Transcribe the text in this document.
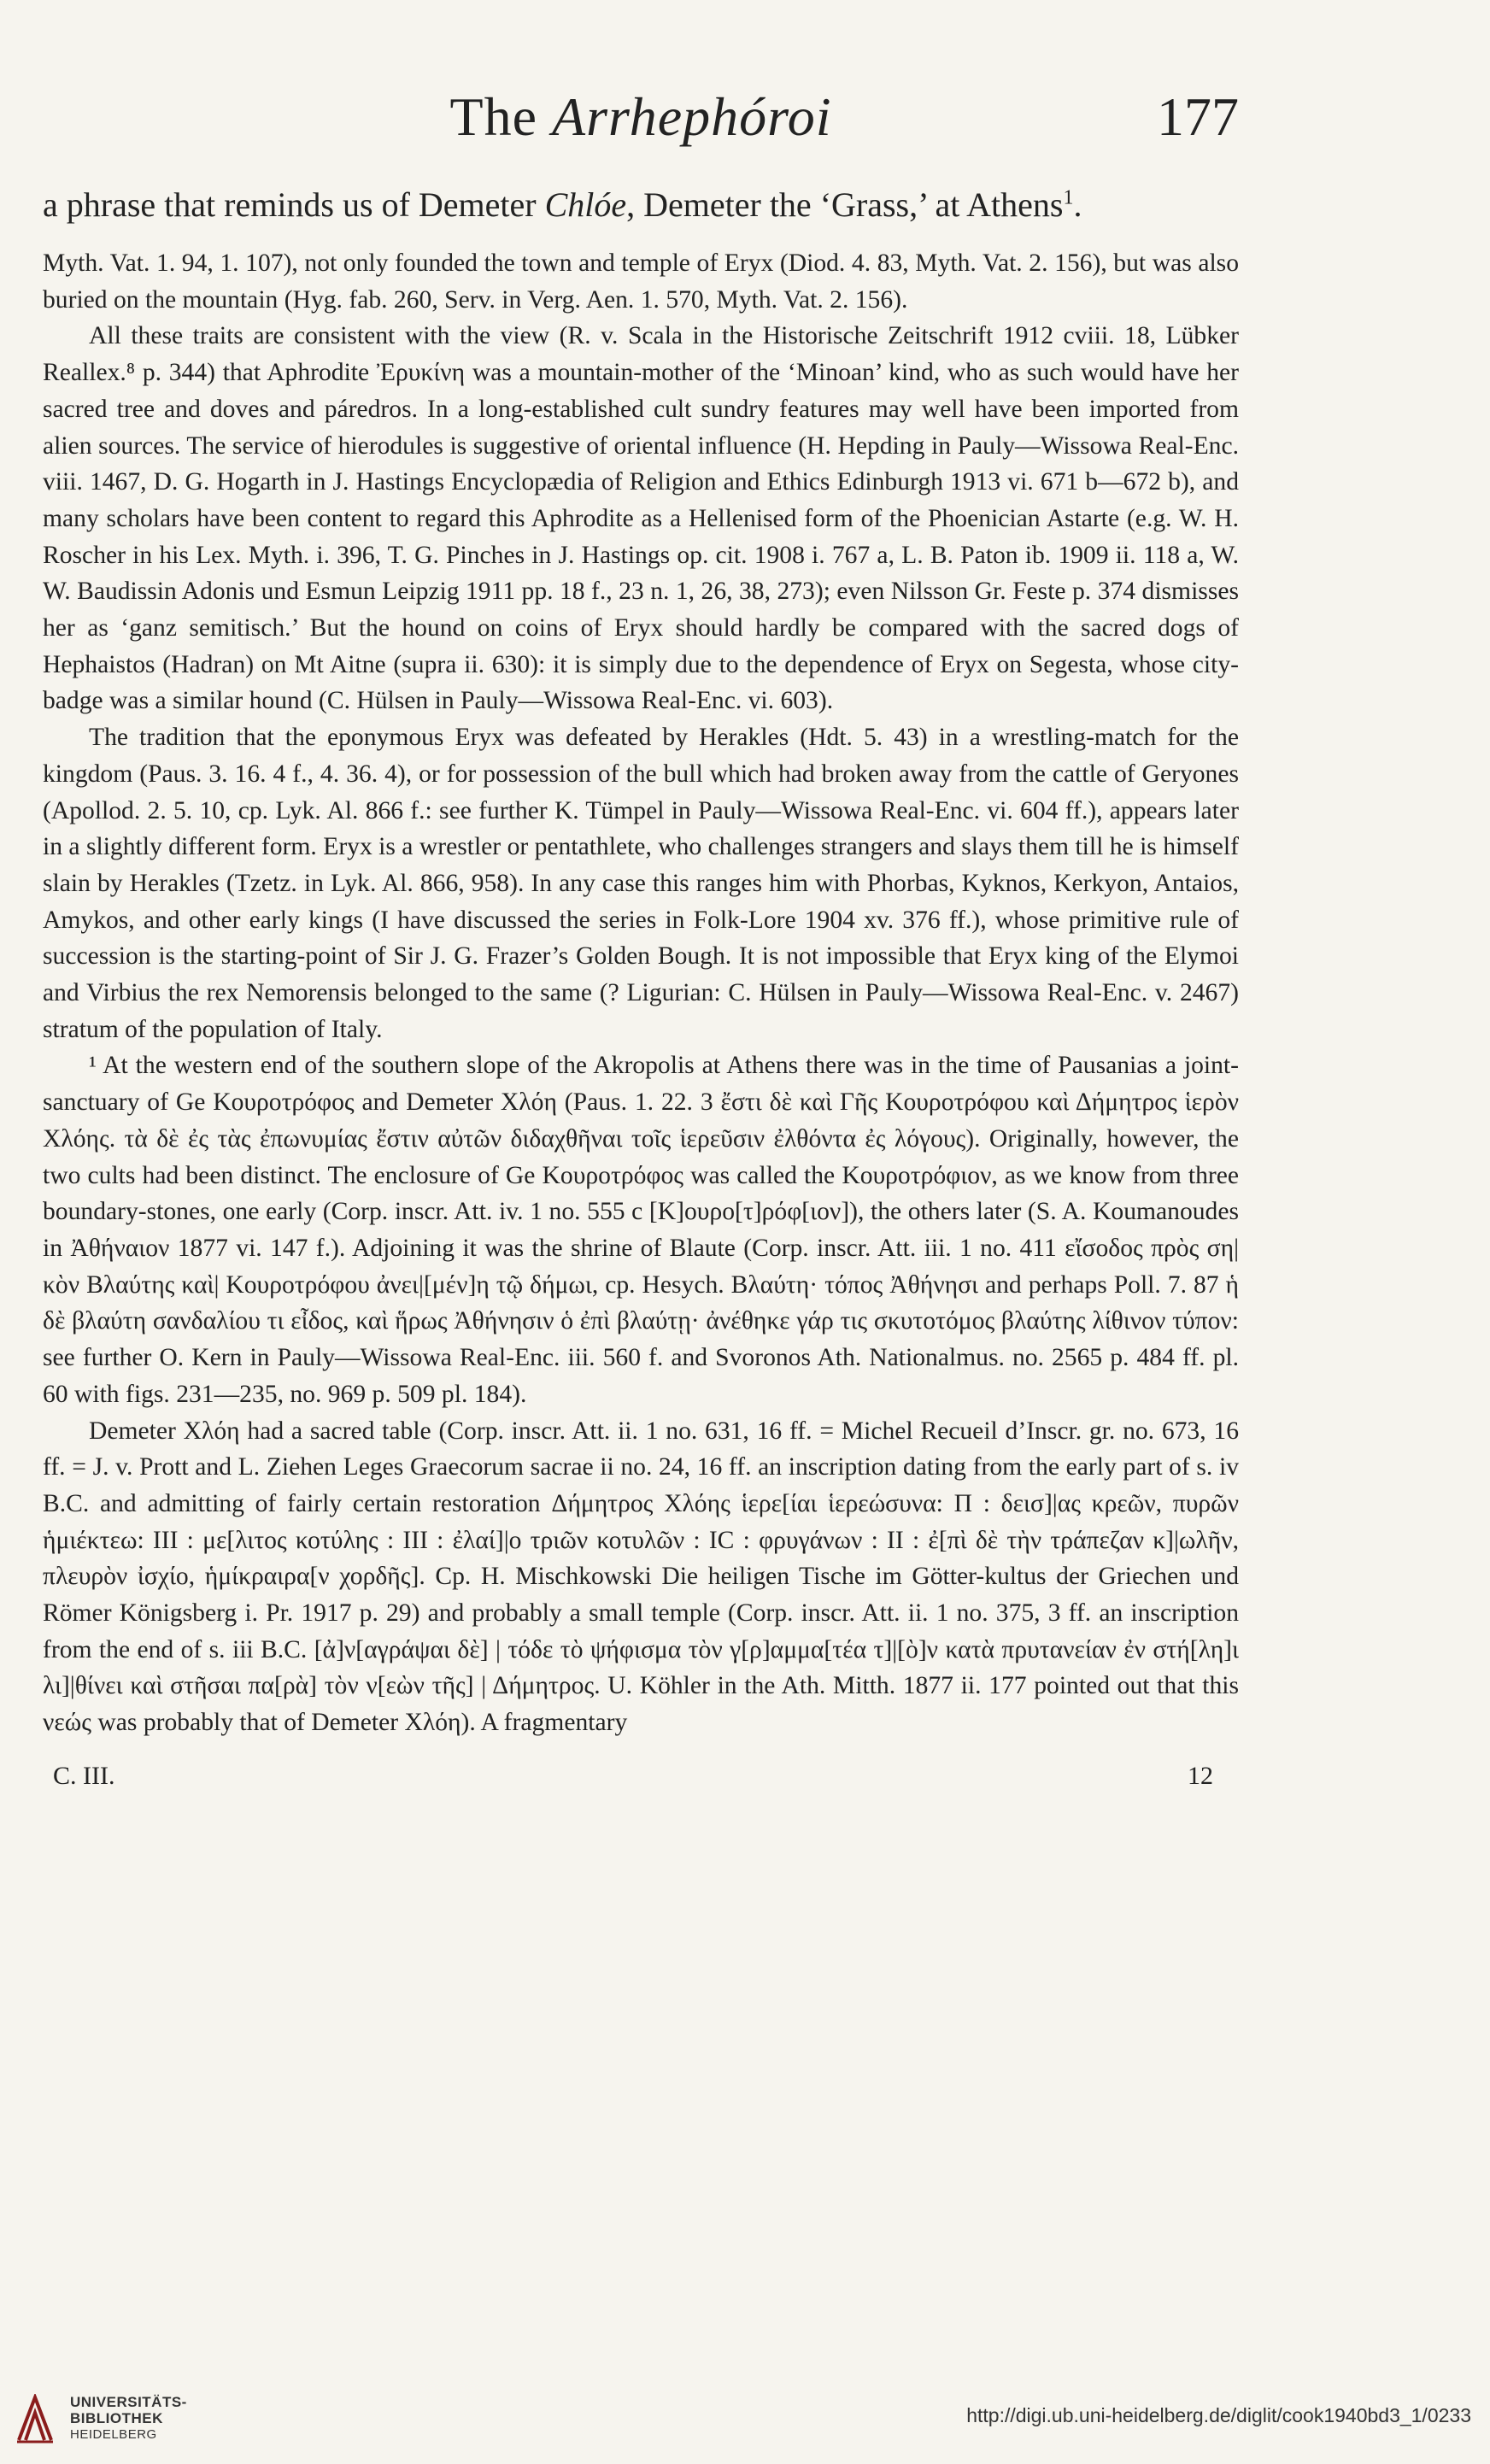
The Arrhephóroi	177
a phrase that reminds us of Demeter Chlóe, Demeter the ‘Grass,’ at Athens$^1$.

Myth. Vat. 1. 94, 1. 107), not only founded the town and temple of Eryx (Diod. 4. 83, Myth. Vat. 2. 156), but was also buried on the mountain (Hyg. fab. 260, Serv. in Verg. Aen. 1. 570, Myth. Vat. 2. 156).

All these traits are consistent with the view (R. v. Scala in the Historische Zeitschrift 1912 cviii. 18, Lübker Reallex.⁸ p. 344) that Aphrodite Ἐρυκίνη was a mountain-mother of the ‘Minoan’ kind, who as such would have her sacred tree and doves and páredros. In a long-established cult sundry features may well have been imported from alien sources. The service of hierodules is suggestive of oriental influence (H. Hepding in Pauly—Wissowa Real-Enc. viii. 1467, D. G. Hogarth in J. Hastings Encyclopædia of Religion and Ethics Edinburgh 1913 vi. 671 b—672 b), and many scholars have been content to regard this Aphrodite as a Hellenised form of the Phoenician Astarte (e.g. W. H. Roscher in his Lex. Myth. i. 396, T. G. Pinches in J. Hastings op. cit. 1908 i. 767 a, L. B. Paton ib. 1909 ii. 118 a, W. W. Baudissin Adonis und Esmun Leipzig 1911 pp. 18 f., 23 n. 1, 26, 38, 273); even Nilsson Gr. Feste p. 374 dismisses her as ‘ganz semitisch.’ But the hound on coins of Eryx should hardly be compared with the sacred dogs of Hephaistos (Hadran) on Mt Aitne (supra ii. 630): it is simply due to the dependence of Eryx on Segesta, whose city-badge was a similar hound (C. Hülsen in Pauly—Wissowa Real-Enc. vi. 603).

The tradition that the eponymous Eryx was defeated by Herakles (Hdt. 5. 43) in a wrestling-match for the kingdom (Paus. 3. 16. 4 f., 4. 36. 4), or for possession of the bull which had broken away from the cattle of Geryones (Apollod. 2. 5. 10, cp. Lyk. Al. 866 f.: see further K. Tümpel in Pauly—Wissowa Real-Enc. vi. 604 ff.), appears later in a slightly different form. Eryx is a wrestler or pentathlete, who challenges strangers and slays them till he is himself slain by Herakles (Tzetz. in Lyk. Al. 866, 958). In any case this ranges him with Phorbas, Kyknos, Kerkyon, Antaios, Amykos, and other early kings (I have discussed the series in Folk-Lore 1904 xv. 376 ff.), whose primitive rule of succession is the starting-point of Sir J. G. Frazer’s Golden Bough. It is not impossible that Eryx king of the Elymoi and Virbius the rex Nemorensis belonged to the same (? Ligurian: C. Hülsen in Pauly—Wissowa Real-Enc. v. 2467) stratum of the population of Italy.

¹ At the western end of the southern slope of the Akropolis at Athens there was in the time of Pausanias a joint-sanctuary of Ge Κουροτρόφος and Demeter Χλόη (Paus. 1. 22. 3 ἔστι δὲ καὶ Γῆς Κουροτρόφου καὶ Δήμητρος ἱερὸν Χλόης. τὰ δὲ ἐς τὰς ἐπωνυμίας ἔστιν αὐτῶν διδαχθῆναι τοῖς ἱερεῦσιν ἐλθόντα ἐς λόγους). Originally, however, the two cults had been distinct. The enclosure of Ge Κουροτρόφος was called the Κουροτρόφιον, as we know from three boundary-stones, one early (Corp. inscr. Att. iv. 1 no. 555 c [Κ]ουρο[τ]ρόφ[ιον]), the others later (S. A. Koumanoudes in Ἀθήναιον 1877 vi. 147 f.). Adjoining it was the shrine of Blaute (Corp. inscr. Att. iii. 1 no. 411 εἴσοδος πρὸς ση|κὸν Βλαύτης καὶ| Κουροτρόφου ἀνει|[μέν]η τῷ δήμωι, cp. Hesych. Βλαύτη· τόπος Ἀθήνησι and perhaps Poll. 7. 87 ἡ δὲ βλαύτη σανδαλίου τι εἶδος, καὶ ἥρως Ἀθήνησιν ὁ ἐπὶ βλαύτῃ· ἀνέθηκε γάρ τις σκυτοτόμος βλαύτης λίθινον τύπον: see further O. Kern in Pauly—Wissowa Real-Enc. iii. 560 f. and Svoronos Ath. Nationalmus. no. 2565 p. 484 ff. pl. 60 with figs. 231—235, no. 969 p. 509 pl. 184).

Demeter Χλόη had a sacred table (Corp. inscr. Att. ii. 1 no. 631, 16 ff. = Michel Recueil d’Inscr. gr. no. 673, 16 ff. = J. v. Prott and L. Ziehen Leges Graecorum sacrae ii no. 24, 16 ff. an inscription dating from the early part of s. iv B.C. and admitting of fairly certain restoration Δήμητρος Χλόης ἱερε[ίαι ἱερεώσυνα: Π : δεισ]|ας κρεῶν, πυρῶν ἡμιέκτεω: ΙΙΙ : με[λιτος κοτύλης : ΙΙΙ : ἐλαί]|ο τριῶν κοτυλῶν : ΙC : φρυγάνων : ΙΙ : ἐ[πὶ δὲ τὴν τράπεζαν κ]|ωλῆν, πλευρὸν ἰσχίο, ἡμίκραιρα[ν χορδῆς]. Cp. H. Mischkowski Die heiligen Tische im Götter-kultus der Griechen und Römer Königsberg i. Pr. 1917 p. 29) and probably a small temple (Corp. inscr. Att. ii. 1 no. 375, 3 ff. an inscription from the end of s. iii B.C. [ἀ]ν[αγράψαι δὲ] | τόδε τὸ ψήφισμα τὸν γ[ρ]αμμα[τέα τ]|[ὸ]ν κατὰ πρυτανείαν ἐν στή[λη]ι λι]|θίνει καὶ στῆσαι πα[ρὰ] τὸν ν[εὼν τῆς] | Δήμητρος. U. Köhler in the Ath. Mitth. 1877 ii. 177 pointed out that this νεώς was probably that of Demeter Χλόη). A fragmentary

C. III.	12
UNIVERSITÄTS-
BIBLIOTHEK
HEIDELBERG
http://digi.ub.uni-heidelberg.de/diglit/cook1940bd3_1/0233
